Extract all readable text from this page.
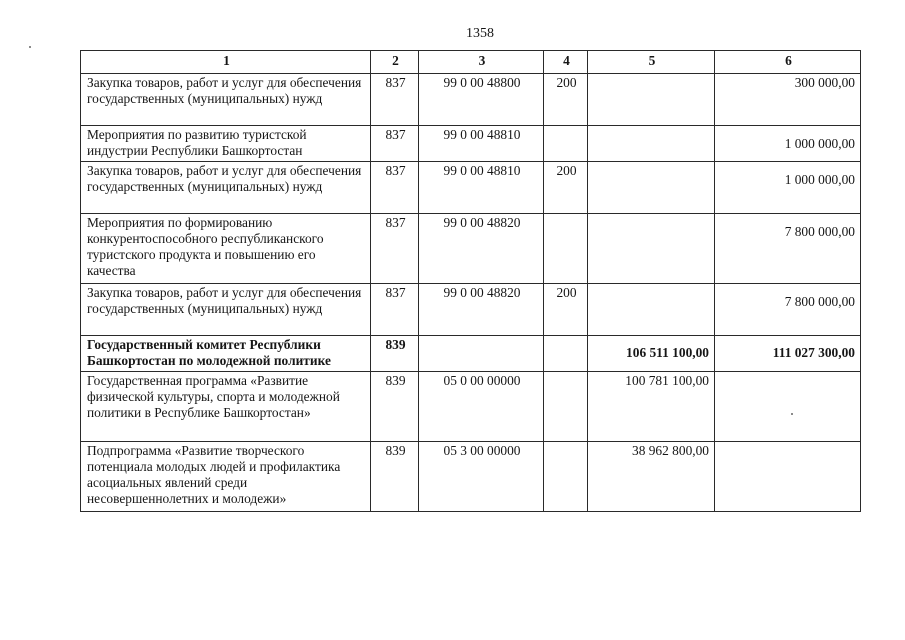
1358
1	2	3	4	5	6
Закупка товаров, работ и услуг для обеспечения государственных (муниципальных) нужд	837	99 0 00 48800	200		300 000,00
Мероприятия по развитию туристской индустрии Республики Башкортостан	837	99 0 00 48810			1 000 000,00
Закупка товаров, работ и услуг для обеспечения государственных (муниципальных) нужд	837	99 0 00 48810	200		1 000 000,00
Мероприятия по формированию конкурентоспособного республиканского туристского продукта и повышению его качества	837	99 0 00 48820			7 800 000,00
Закупка товаров, работ и услуг для обеспечения государственных (муниципальных) нужд	837	99 0 00 48820	200		7 800 000,00
Государственный комитет Республики Башкортостан по молодежной политике	839			106 511 100,00	111 027 300,00
Государственная программа «Развитие физической культуры, спорта и молодежной политики в Республике Башкортостан»	839	05 0 00 00000		100 781 100,00	
Подпрограмма «Развитие творческого потенциала молодых людей и профилактика асоциальных явлений среди несовершеннолетних и молодежи»	839	05 3 00 00000		38 962 800,00	
